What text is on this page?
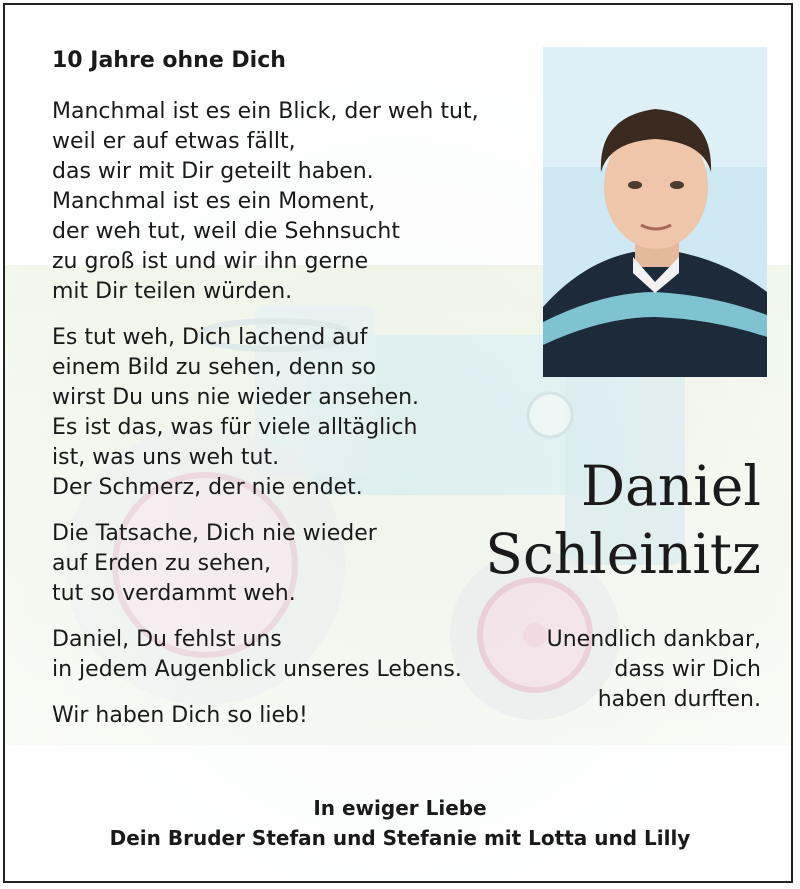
10 Jahre ohne Dich

Manchmal ist es ein Blick, der weh tut,
weil er auf etwas fällt,
das wir mit Dir geteilt haben.
Manchmal ist es ein Moment,
der weh tut, weil die Sehnsucht
zu groß ist und wir ihn gerne
mit Dir teilen würden.

Es tut weh, Dich lachend auf
einem Bild zu sehen, denn so
wirst Du uns nie wieder ansehen.
Es ist das, was für viele alltäglich
ist, was uns weh tut.
Der Schmerz, der nie endet.

Die Tatsache, Dich nie wieder
auf Erden zu sehen,
tut so verdammt weh.

Daniel, Du fehlst uns
in jedem Augenblick unseres Lebens.

Wir haben Dich so lieb!

Daniel
Schleinitz
Unendlich dankbar,
dass wir Dich
haben durften.
In ewiger Liebe
Dein Bruder Stefan und Stefanie mit Lotta und Lilly
